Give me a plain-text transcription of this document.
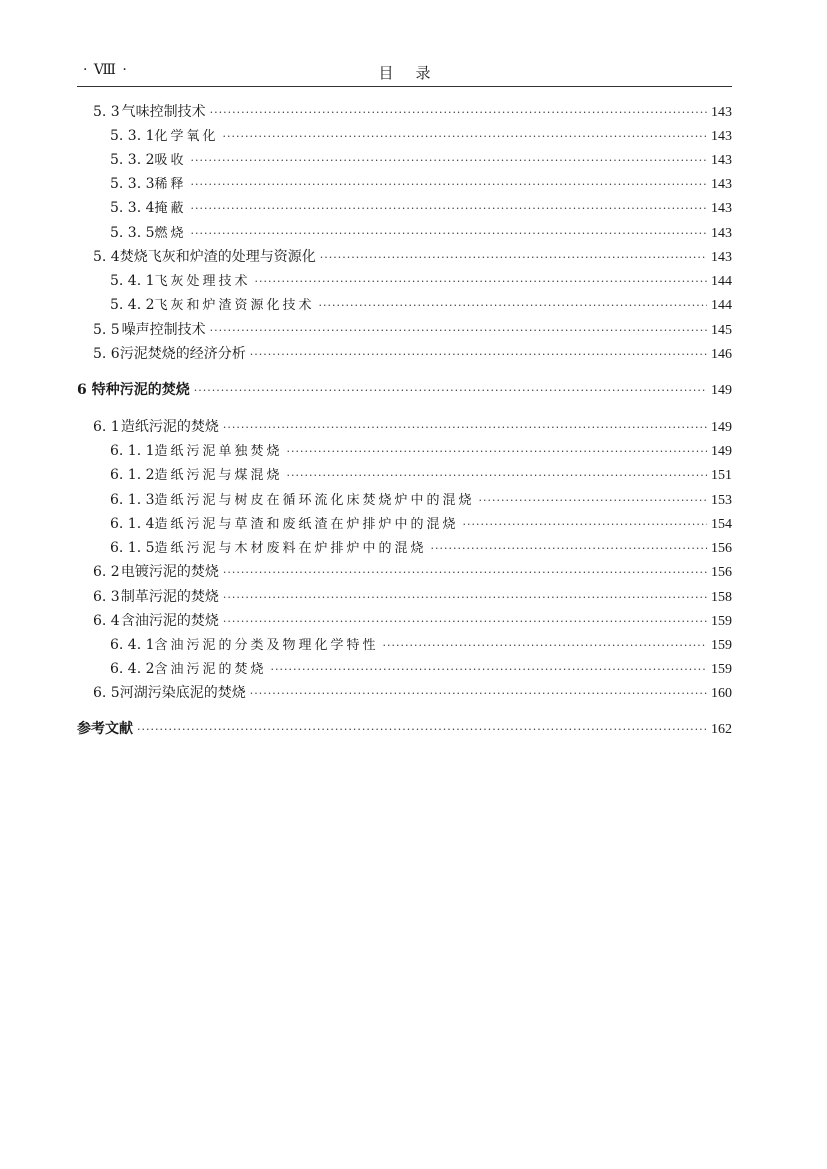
· Ⅷ ·	目录
5. 3 气味控制技术 ·····	143
5. 3. 1 化学氧化 ·····	143
5. 3. 2 吸收 ·····	143
5. 3. 3 稀释 ·····	143
5. 3. 4 掩蔽 ·····	143
5. 3. 5 燃烧 ·····	143
5. 4 焚烧飞灰和炉渣的处理与资源化 ·····	143
5. 4. 1 飞灰处理技术 ·····	144
5. 4. 2 飞灰和炉渣资源化技术 ·····	144
5. 5 噪声控制技术 ·····	145
5. 6 污泥焚烧的经济分析 ·····	146
6 特种污泥的焚烧 ·····	149
6. 1 造纸污泥的焚烧 ·····	149
6. 1. 1 造纸污泥单独焚烧 ·····	149
6. 1. 2 造纸污泥与煤混烧 ·····	151
6. 1. 3 造纸污泥与树皮在循环流化床焚烧炉中的混烧 ·····	153
6. 1. 4 造纸污泥与草渣和废纸渣在炉排炉中的混烧 ·····	154
6. 1. 5 造纸污泥与木材废料在炉排炉中的混烧 ·····	156
6. 2 电镀污泥的焚烧 ·····	156
6. 3 制革污泥的焚烧 ·····	158
6. 4 含油污泥的焚烧 ·····	159
6. 4. 1 含油污泥的分类及物理化学特性 ·····	159
6. 4. 2 含油污泥的焚烧 ·····	159
6. 5 河湖污染底泥的焚烧 ·····	160
参考文献 ·····	162
